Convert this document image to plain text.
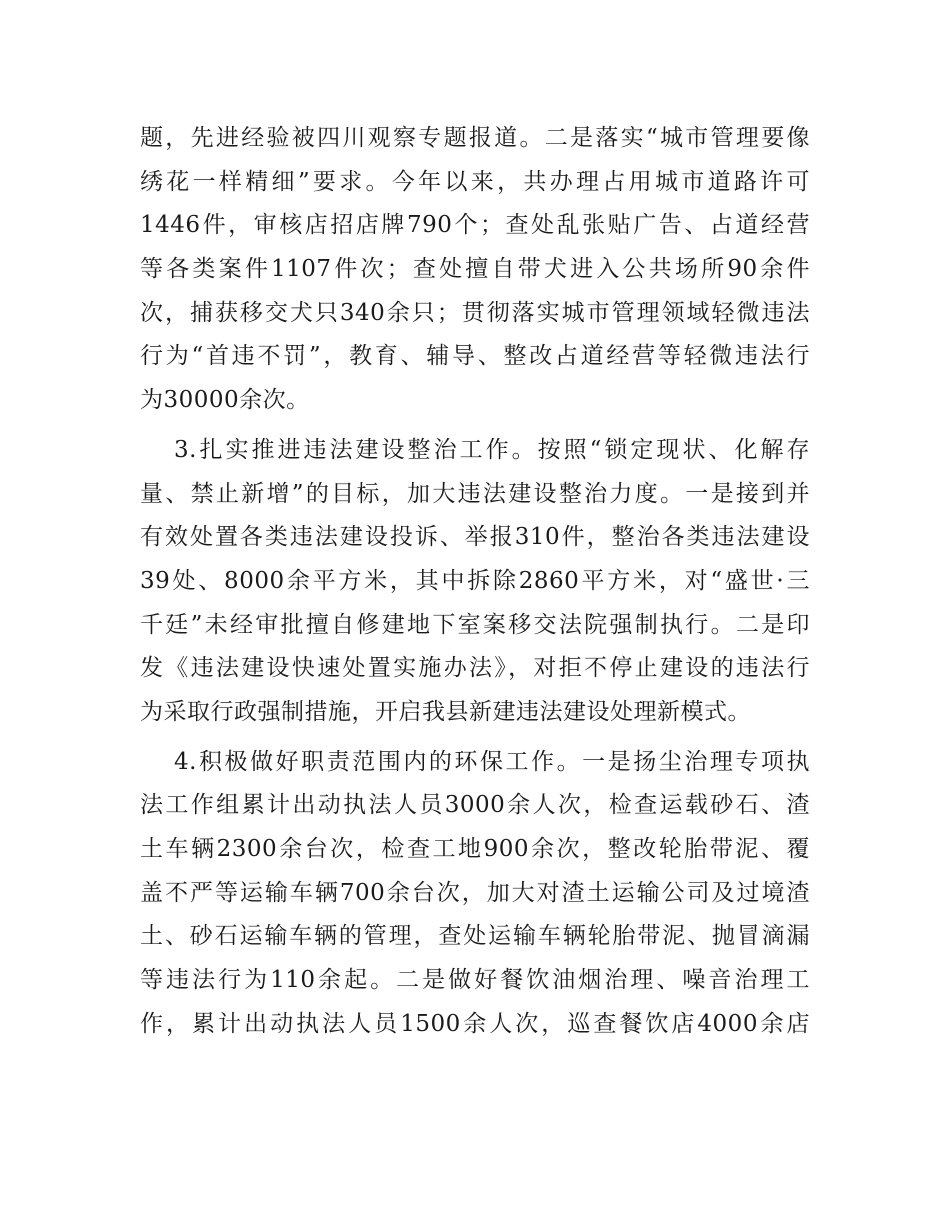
题，先进经验被四川观察专题报道。二是落实“城市管理要像
绣花一样精细”要求。今年以来，共办理占用城市道路许可
1446件，审核店招店牌790个；查处乱张贴广告、占道经营
等各类案件1107件次；查处擅自带犬进入公共场所90余件
次，捕获移交犬只340余只；贯彻落实城市管理领域轻微违法
行为“首违不罚”，教育、辅导、整改占道经营等轻微违法行
为30000余次。
3.扎实推进违法建设整治工作。按照“锁定现状、化解存
量、禁止新增”的目标，加大违法建设整治力度。一是接到并
有效处置各类违法建设投诉、举报310件，整治各类违法建设
39处、8000余平方米，其中拆除2860平方米，对“盛世·三
千廷”未经审批擅自修建地下室案移交法院强制执行。二是印
发《违法建设快速处置实施办法》，对拒不停止建设的违法行
为采取行政强制措施，开启我县新建违法建设处理新模式。
4.积极做好职责范围内的环保工作。一是扬尘治理专项执
法工作组累计出动执法人员3000余人次，检查运载砂石、渣
土车辆2300余台次，检查工地900余次，整改轮胎带泥、覆
盖不严等运输车辆700余台次，加大对渣土运输公司及过境渣
土、砂石运输车辆的管理，查处运输车辆轮胎带泥、抛冒滴漏
等违法行为110余起。二是做好餐饮油烟治理、噪音治理工
作，累计出动执法人员1500余人次，巡查餐饮店4000余店
